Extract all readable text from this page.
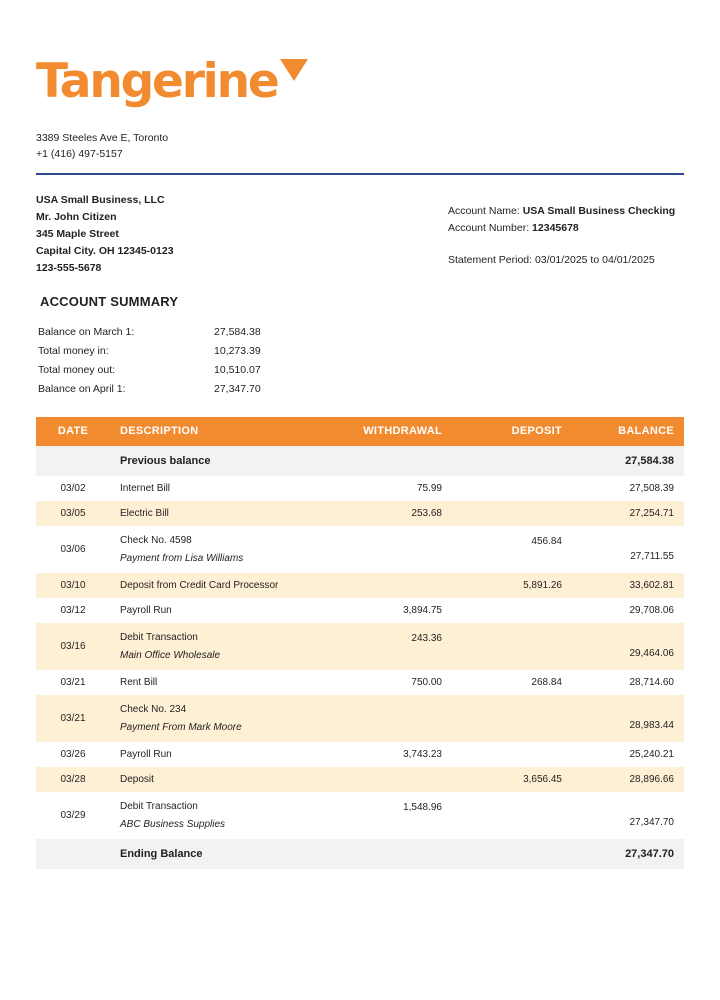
Tangerine
3389 Steeles Ave E, Toronto
+1 (416) 497-5157
USA Small Business, LLC
Mr. John Citizen
345 Maple Street
Capital City. OH 12345-0123
123-555-5678
Account Name: USA Small Business Checking
Account Number: 12345678
Statement Period: 03/01/2025 to 04/01/2025
ACCOUNT SUMMARY
Balance on March 1:	27,584.38
Total money in:	10,273.39
Total money out:	10,510.07
Balance on April 1:	27,347.70
DATE	DESCRIPTION	WITHDRAWAL	DEPOSIT	BALANCE
	Previous balance			27,584.38
03/02	Internet Bill	75.99		27,508.39
03/05	Electric Bill	253.68		27,254.71
03/06	Check No. 4598
Payment from Lisa Williams		456.84	27,711.55
03/10	Deposit from Credit Card Processor		5,891.26	33,602.81
03/12	Payroll Run	3,894.75		29,708.06
03/16	Debit Transaction
Main Office Wholesale	243.36		29,464.06
03/21	Rent Bill	750.00	268.84	28,714.60
03/21	Check No. 234
Payment From Mark Moore			28,983.44
03/26	Payroll Run	3,743.23		25,240.21
03/28	Deposit		3,656.45	28,896.66
03/29	Debit Transaction
ABC Business Supplies	1,548.96		27,347.70
	Ending Balance			27,347.70
